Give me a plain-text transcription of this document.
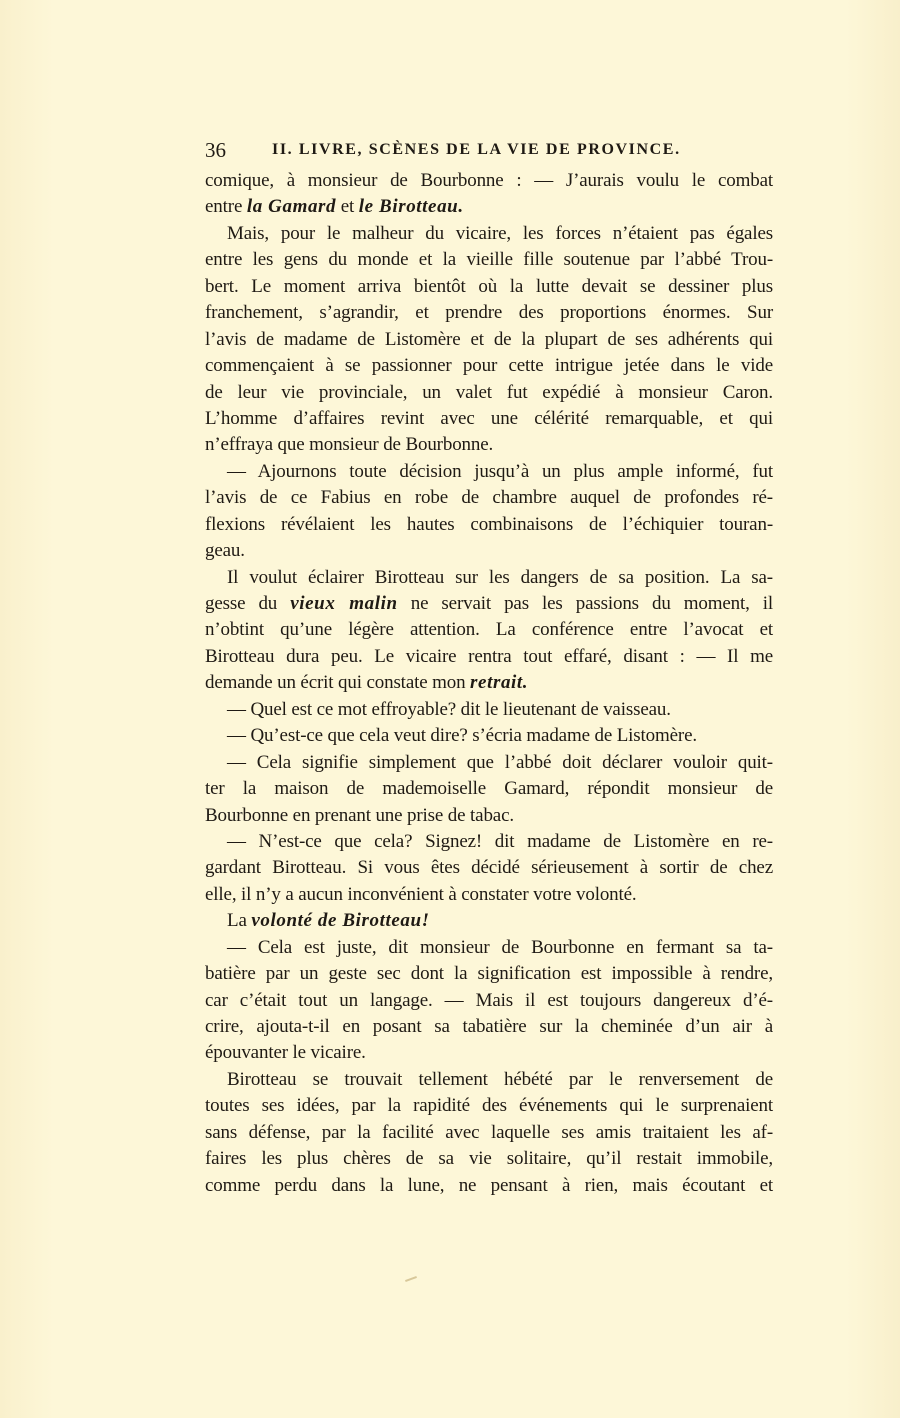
36	II. LIVRE, SCÈNES DE LA VIE DE PROVINCE.
comique, à monsieur de Bourbonne : — J’aurais voulu le combat
entre la Gamard et le Birotteau.
Mais, pour le malheur du vicaire, les forces n’étaient pas égales
entre les gens du monde et la vieille fille soutenue par l’abbé Trou-
bert. Le moment arriva bientôt où la lutte devait se dessiner plus
franchement, s’agrandir, et prendre des proportions énormes. Sur
l’avis de madame de Listomère et de la plupart de ses adhérents qui
commençaient à se passionner pour cette intrigue jetée dans le vide
de leur vie provinciale, un valet fut expédié à monsieur Caron.
L’homme d’affaires revint avec une célérité remarquable, et qui
n’effraya que monsieur de Bourbonne.
— Ajournons toute décision jusqu’à un plus ample informé, fut
l’avis de ce Fabius en robe de chambre auquel de profondes ré-
flexions révélaient les hautes combinaisons de l’échiquier touran-
geau.
Il voulut éclairer Birotteau sur les dangers de sa position. La sa-
gesse du vieux malin ne servait pas les passions du moment, il
n’obtint qu’une légère attention. La conférence entre l’avocat et
Birotteau dura peu. Le vicaire rentra tout effaré, disant : — Il me
demande un écrit qui constate mon retrait.
— Quel est ce mot effroyable? dit le lieutenant de vaisseau.
— Qu’est-ce que cela veut dire? s’écria madame de Listomère.
— Cela signifie simplement que l’abbé doit déclarer vouloir quit-
ter la maison de mademoiselle Gamard, répondit monsieur de
Bourbonne en prenant une prise de tabac.
— N’est-ce que cela? Signez! dit madame de Listomère en re-
gardant Birotteau. Si vous êtes décidé sérieusement à sortir de chez
elle, il n’y a aucun inconvénient à constater votre volonté.
La volonté de Birotteau!
— Cela est juste, dit monsieur de Bourbonne en fermant sa ta-
batière par un geste sec dont la signification est impossible à rendre,
car c’était tout un langage. — Mais il est toujours dangereux d’é-
crire, ajouta-t-il en posant sa tabatière sur la cheminée d’un air à
épouvanter le vicaire.
Birotteau se trouvait tellement hébété par le renversement de
toutes ses idées, par la rapidité des événements qui le surprenaient
sans défense, par la facilité avec laquelle ses amis traitaient les af-
faires les plus chères de sa vie solitaire, qu’il restait immobile,
comme perdu dans la lune, ne pensant à rien, mais écoutant et
